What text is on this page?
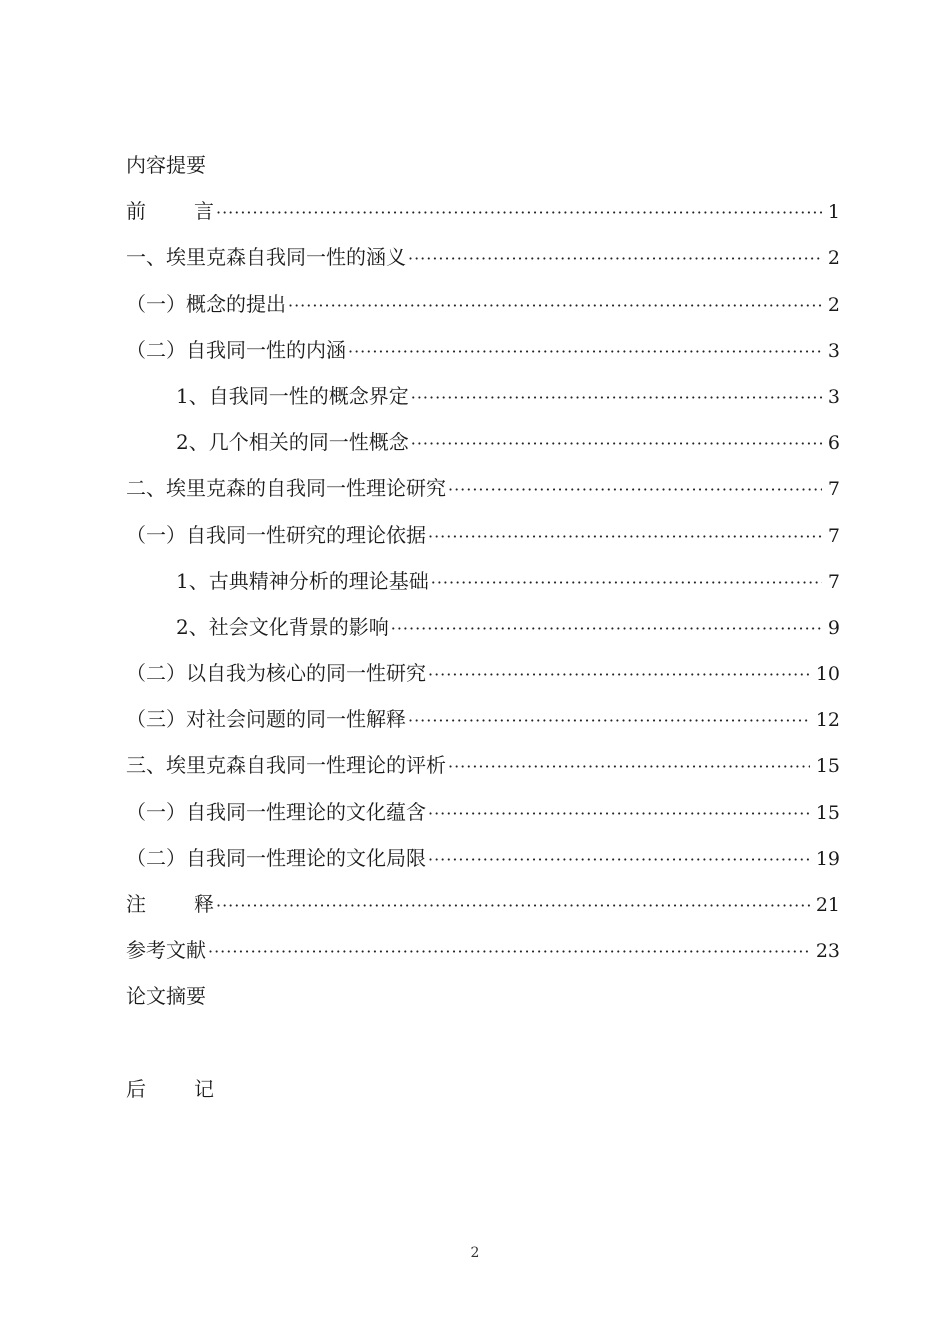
内容提要
前 言 ·····	1
一、埃里克森自我同一性的涵义 ·····	2
（一）概念的提出 ·····	2
（二）自我同一性的内涵 ·····	3
1、自我同一性的概念界定 ·····	3
2、几个相关的同一性概念 ·····	6
二、埃里克森的自我同一性理论研究 ·····	7
（一）自我同一性研究的理论依据 ·····	7
1、古典精神分析的理论基础 ·····	7
2、社会文化背景的影响 ·····	9
（二）以自我为核心的同一性研究 ·····	10
（三）对社会问题的同一性解释 ·····	12
三、埃里克森自我同一性理论的评析 ·····	15
（一）自我同一性理论的文化蕴含 ·····	15
（二）自我同一性理论的文化局限 ·····	19
注 释 ·····	21
参考文献 ·····	23
论文摘要
后 记
2
